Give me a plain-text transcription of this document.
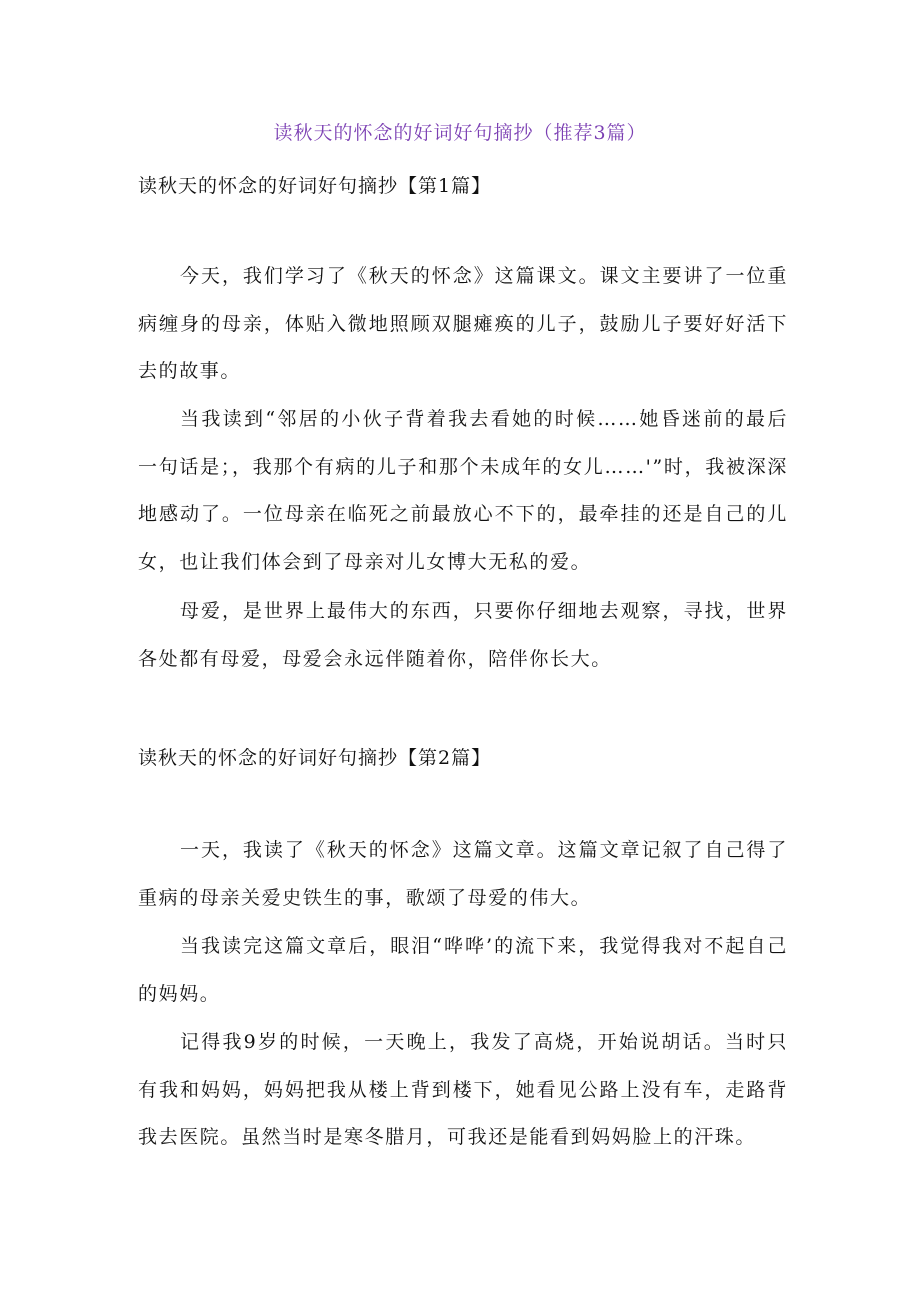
读秋天的怀念的好词好句摘抄（推荐3篇）
读秋天的怀念的好词好句摘抄【第1篇】

今天，我们学习了《秋天的怀念》这篇课文。课文主要讲了一位重病缠身的母亲，体贴入微地照顾双腿瘫痪的儿子，鼓励儿子要好好活下去的故事。

当我读到“邻居的小伙子背着我去看她的时候……她昏迷前的最后一句话是；，我那个有病的儿子和那个未成年的女儿……'”时，我被深深地感动了。一位母亲在临死之前最放心不下的，最牵挂的还是自己的儿女，也让我们体会到了母亲对儿女博大无私的爱。

母爱，是世界上最伟大的东西，只要你仔细地去观察，寻找，世界各处都有母爱，母爱会永远伴随着你，陪伴你长大。

读秋天的怀念的好词好句摘抄【第2篇】

一天，我读了《秋天的怀念》这篇文章。这篇文章记叙了自己得了重病的母亲关爱史铁生的事，歌颂了母爱的伟大。

当我读完这篇文章后，眼泪“哗哗’的流下来，我觉得我对不起自己的妈妈。

记得我9岁的时候，一天晚上，我发了高烧，开始说胡话。当时只有我和妈妈，妈妈把我从楼上背到楼下，她看见公路上没有车，走路背我去医院。虽然当时是寒冬腊月，可我还是能看到妈妈脸上的汗珠。
